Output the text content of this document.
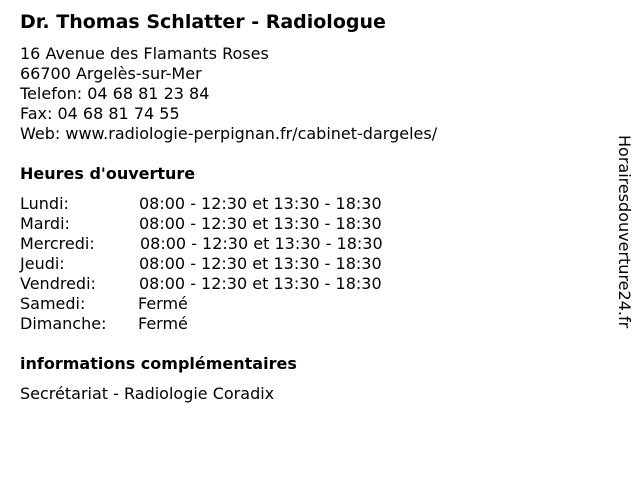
Dr. Thomas Schlatter - Radiologue
16 Avenue des Flamants Roses
66700 Argelès-sur-Mer
Telefon: 04 68 81 23 84
Fax: 04 68 81 74 55
Web: www.radiologie-perpignan.fr/cabinet-dargeles/
Heures d'ouverture
Lundi:	08:00 - 12:30 et 13:30 - 18:30
Mardi:	08:00 - 12:30 et 13:30 - 18:30
Mercredi:	08:00 - 12:30 et 13:30 - 18:30
Jeudi:	08:00 - 12:30 et 13:30 - 18:30
Vendredi:	08:00 - 12:30 et 13:30 - 18:30
Samedi:	Fermé
Dimanche: Fermé
informations complémentaires
Secrétariat - Radiologie Coradix
Horairesdouverture24.fr
